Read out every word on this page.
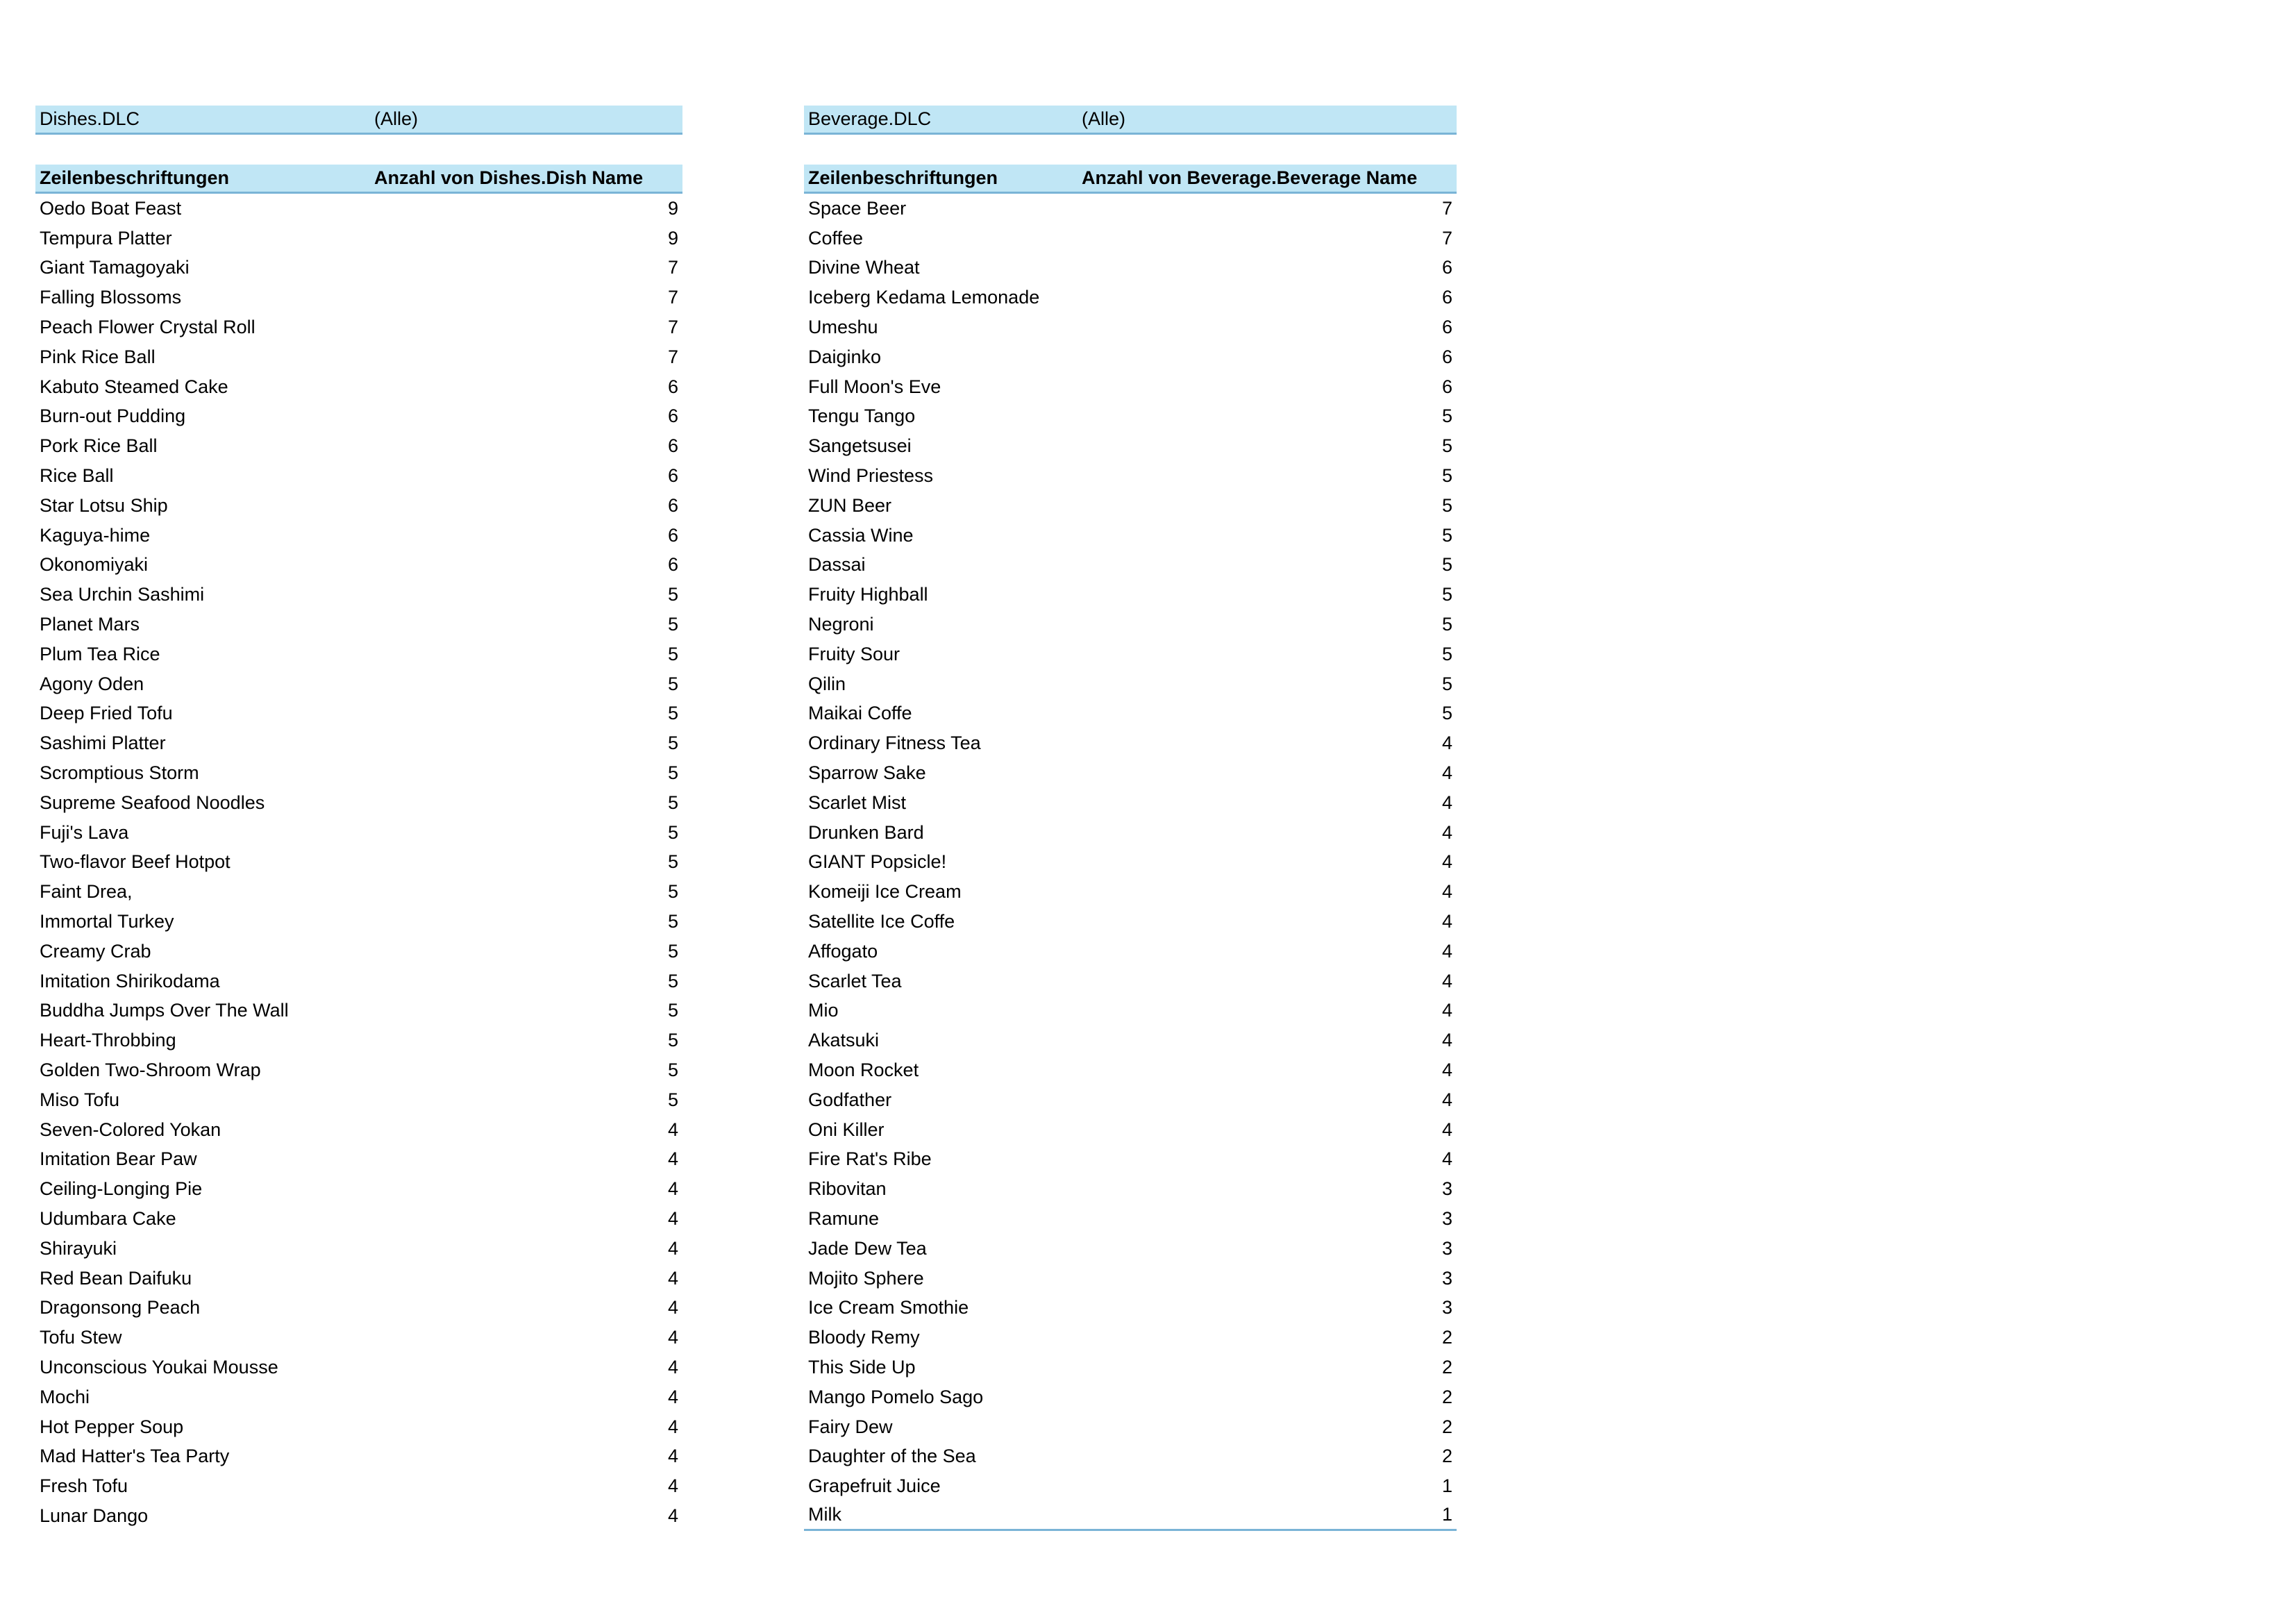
Dishes.DLC	(Alle)
Zeilenbeschriftungen	Anzahl von Dishes.Dish Name
Oedo Boat Feast	9
Tempura Platter	9
Giant Tamagoyaki	7
Falling Blossoms	7
Peach Flower Crystal Roll	7
Pink Rice Ball	7
Kabuto Steamed Cake	6
Burn-out Pudding	6
Pork Rice Ball	6
Rice Ball	6
Star Lotsu Ship	6
Kaguya-hime	6
Okonomiyaki	6
Sea Urchin Sashimi	5
Planet Mars	5
Plum Tea Rice	5
Agony Oden	5
Deep Fried Tofu	5
Sashimi Platter	5
Scromptious Storm	5
Supreme Seafood Noodles	5
Fuji's Lava	5
Two-flavor Beef Hotpot	5
Faint Drea,	5
Immortal Turkey	5
Creamy Crab	5
Imitation Shirikodama	5
Buddha Jumps Over The Wall	5
Heart-Throbbing	5
Golden Two-Shroom Wrap	5
Miso Tofu	5
Seven-Colored Yokan	4
Imitation Bear Paw	4
Ceiling-Longing Pie	4
Udumbara Cake	4
Shirayuki	4
Red Bean Daifuku	4
Dragonsong Peach	4
Tofu Stew	4
Unconscious Youkai Mousse	4
Mochi	4
Hot Pepper Soup	4
Mad Hatter's Tea Party	4
Fresh Tofu	4
Lunar Dango	4
Beverage.DLC	(Alle)
Zeilenbeschriftungen	Anzahl von Beverage.Beverage Name
Space Beer	7
Coffee	7
Divine Wheat	6
Iceberg Kedama Lemonade	6
Umeshu	6
Daiginko	6
Full Moon's Eve	6
Tengu Tango	5
Sangetsusei	5
Wind Priestess	5
ZUN Beer	5
Cassia Wine	5
Dassai	5
Fruity Highball	5
Negroni	5
Fruity Sour	5
Qilin	5
Maikai Coffe	5
Ordinary Fitness Tea	4
Sparrow Sake	4
Scarlet Mist	4
Drunken Bard	4
GIANT Popsicle!	4
Komeiji Ice Cream	4
Satellite Ice Coffe	4
Affogato	4
Scarlet Tea	4
Mio	4
Akatsuki	4
Moon Rocket	4
Godfather	4
Oni Killer	4
Fire Rat's Ribe	4
Ribovitan	3
Ramune	3
Jade Dew Tea	3
Mojito Sphere	3
Ice Cream Smothie	3
Bloody Remy	2
This Side Up	2
Mango Pomelo Sago	2
Fairy Dew	2
Daughter of the Sea	2
Grapefruit Juice	1
Milk	1
